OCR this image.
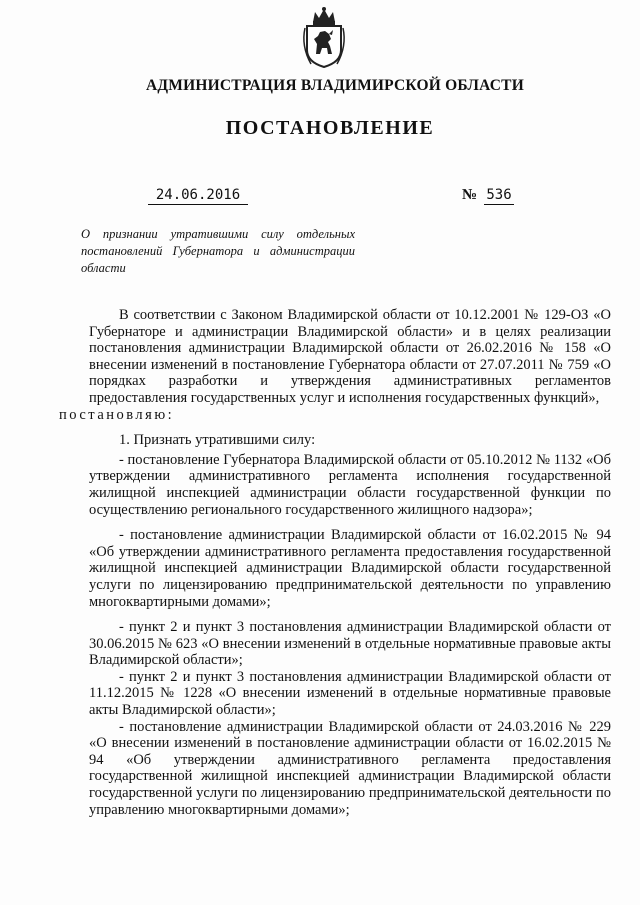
АДМИНИСТРАЦИЯ ВЛАДИМИРСКОЙ ОБЛАСТИ
ПОСТАНОВЛЕНИЕ
24.06.2016	№ 536
О признании утратившими силу отдельных постановлений Губернатора и администрации области

В соответствии с Законом Владимирской области от 10.12.2001 № 129-ОЗ «О Губернаторе и администрации Владимирской области» и в целях реализации постановления администрации Владимирской области от 26.02.2016 № 158 «О внесении изменений в постановление Губернатора области от 27.07.2011 № 759 «О порядках разработки и утверждения административных регламентов предоставления государственных услуг и исполнения государственных функций»,
постановляю:

1. Признать утратившими силу:

- постановление Губернатора Владимирской области от 05.10.2012 № 1132 «Об утверждении административного регламента исполнения государственной жилищной инспекцией администрации области государственной функции по осуществлению регионального государственного жилищного надзора»;

- постановление администрации Владимирской области от 16.02.2015 № 94 «Об утверждении административного регламента предоставления государственной жилищной инспекцией администрации Владимирской области государственной услуги по лицензированию предпринимательской деятельности по управлению многоквартирными домами»;

- пункт 2 и пункт 3 постановления администрации Владимирской области от 30.06.2015 № 623 «О внесении изменений в отдельные нормативные правовые акты Владимирской области»;

- пункт 2 и пункт 3 постановления администрации Владимирской области от 11.12.2015 № 1228 «О внесении изменений в отдельные нормативные правовые акты Владимирской области»;

- постановление администрации Владимирской области от 24.03.2016 № 229 «О внесении изменений в постановление администрации области от 16.02.2015 № 94 «Об утверждении административного регламента предоставления государственной жилищной инспекцией администрации Владимирской области государственной услуги по лицензированию предпринимательской деятельности по управлению многоквартирными домами»;
